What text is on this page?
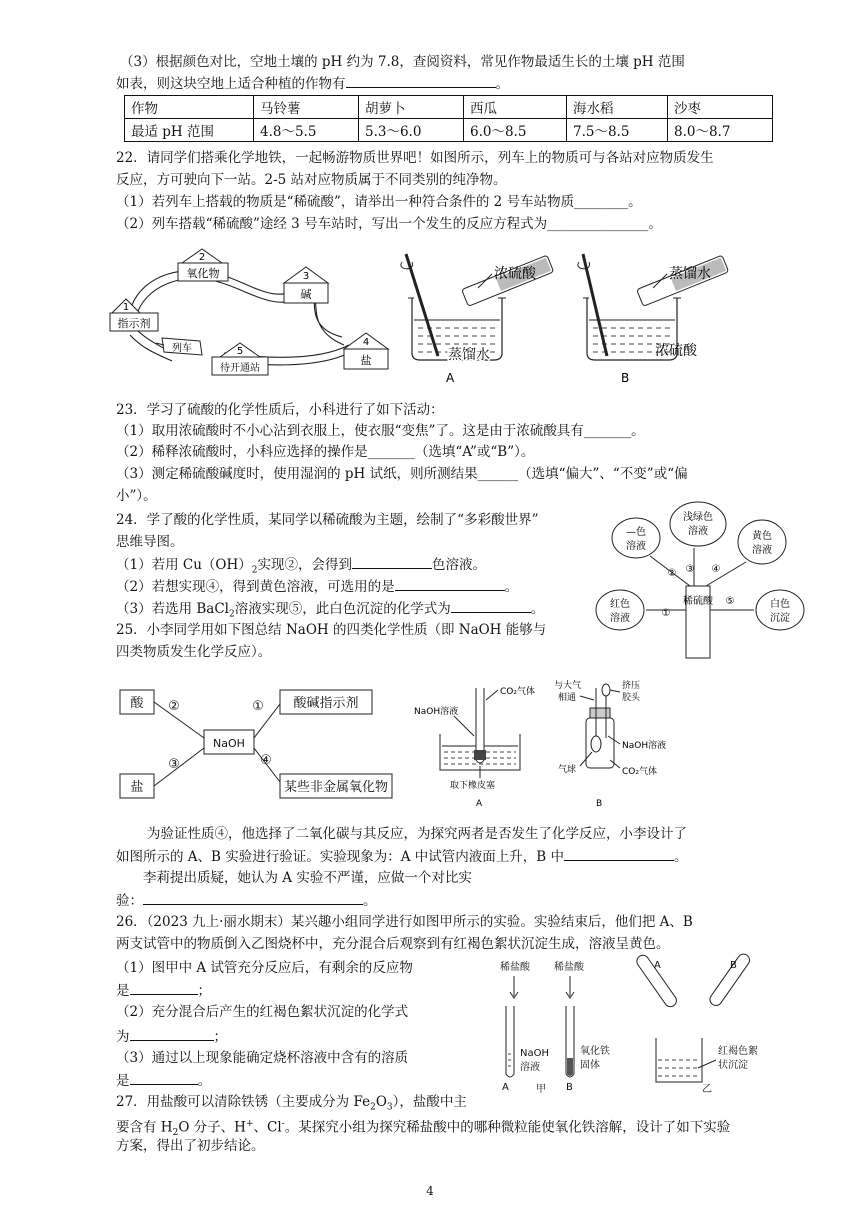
（3）根据颜色对比，空地土壤的 pH 约为 7.8，查阅资料，常见作物最适生长的土壤 pH 范围
如表，则这块空地上适合种植的作物有	。
作物	马铃薯	胡萝卜	西瓜	海水稻	沙枣
最适 pH 范围	4.8～5.5	5.3～6.0	6.0～8.5	7.5～8.5	8.0～8.7
22．请同学们搭乘化学地铁，一起畅游物质世界吧！如图所示，列车上的物质可与各站对应物质发生
反应，方可驶向下一站。2-5 站对应物质属于不同类别的纯净物。
（1）若列车上搭载的物质是“稀硫酸”，请举出一种符合条件的 2 号车站物质________。
（2）列车搭载“稀硫酸”途经 3 号车站时，写出一个发生的反应方程式为_______________。
1
指示剂
2
氧化物	3
碱
4
盐
5
待开通站
列车
浓硫酸
蒸馏水
A
蒸馏水
浓硫酸
B
23．学习了硫酸的化学性质后，小科进行了如下活动：
（1）取用浓硫酸时不小心沾到衣服上，使衣服“变焦”了。这是由于浓硫酸具有_______。
（2）稀释浓硫酸时，小科应选择的操作是_______（选填“A”或“B”）。
（3）测定稀硫酸碱度时，使用湿润的 pH 试纸，则所测结果______（选填“偏大”、“不变”或“偏
小”）。
24．学了酸的化学性质，某同学以稀硫酸为主题，绘制了“多彩酸世界”
思维导图。
（1）若用 $Cu(OH)_2$实现②，会得到	色溶液。
（2）若想实现④，得到黄色溶液，可选用的是	。
（3）若选用 BaCl$_2$溶液实现⑤，此白色沉淀的化学式为	。	稀硫酸
—色
溶液
浅绿色
溶液	黄色
溶液
红色
溶液
白色
沉淀
①
② ③ ④
⑤
25．小李同学用如下图总结 NaOH 的四类化学性质（即 NaOH 能够与
四类物质发生化学反应）。
酸
盐
NaOH
酸碱指示剂
某些非金属氧化物
②
③
①
④
NaOH溶液
CO₂气体
取下橡皮塞
A
与大气
相通
挤压
胶头
NaOH溶液
气球	CO₂气体
B
　　为验证性质④，他选择了二氧化碳与其反应，为探究两者是否发生了化学反应，小李设计了
如图所示的 A、B 实验进行验证。实验现象为：A 中试管内液面上升，B 中	。
　　李莉提出质疑，她认为 A 实验不严谨，应做一个对比实
验：	。
26．（2023 九上·丽水期末）某兴趣小组同学进行如图甲所示的实验。实验结束后，他们把 A、B
两支试管中的物质倒入乙图烧杯中，充分混合后观察到有红褐色絮状沉淀生成，溶液呈黄色。
（1）图甲中 A 试管充分反应后，有剩余的反应物
是	；
（2）充分混合后产生的红褐色絮状沉淀的化学式
为	；
（3）通过以上现象能确定烧杯溶液中含有的溶质
是	。
稀盐酸 稀盐酸
NaOH
溶液
氧化铁
固体
A	B
甲
A	B
红褐色絮
状沉淀
乙
27．用盐酸可以清除铁锈（主要成分为 $Fe_2O_3$），盐酸中主
要含有 $H_2O$ 分子、H+、Cl-。某探究小组为探究稀盐酸中的哪种微粒能使氧化铁溶解，设计了如下实验
方案，得出了初步结论。
4
